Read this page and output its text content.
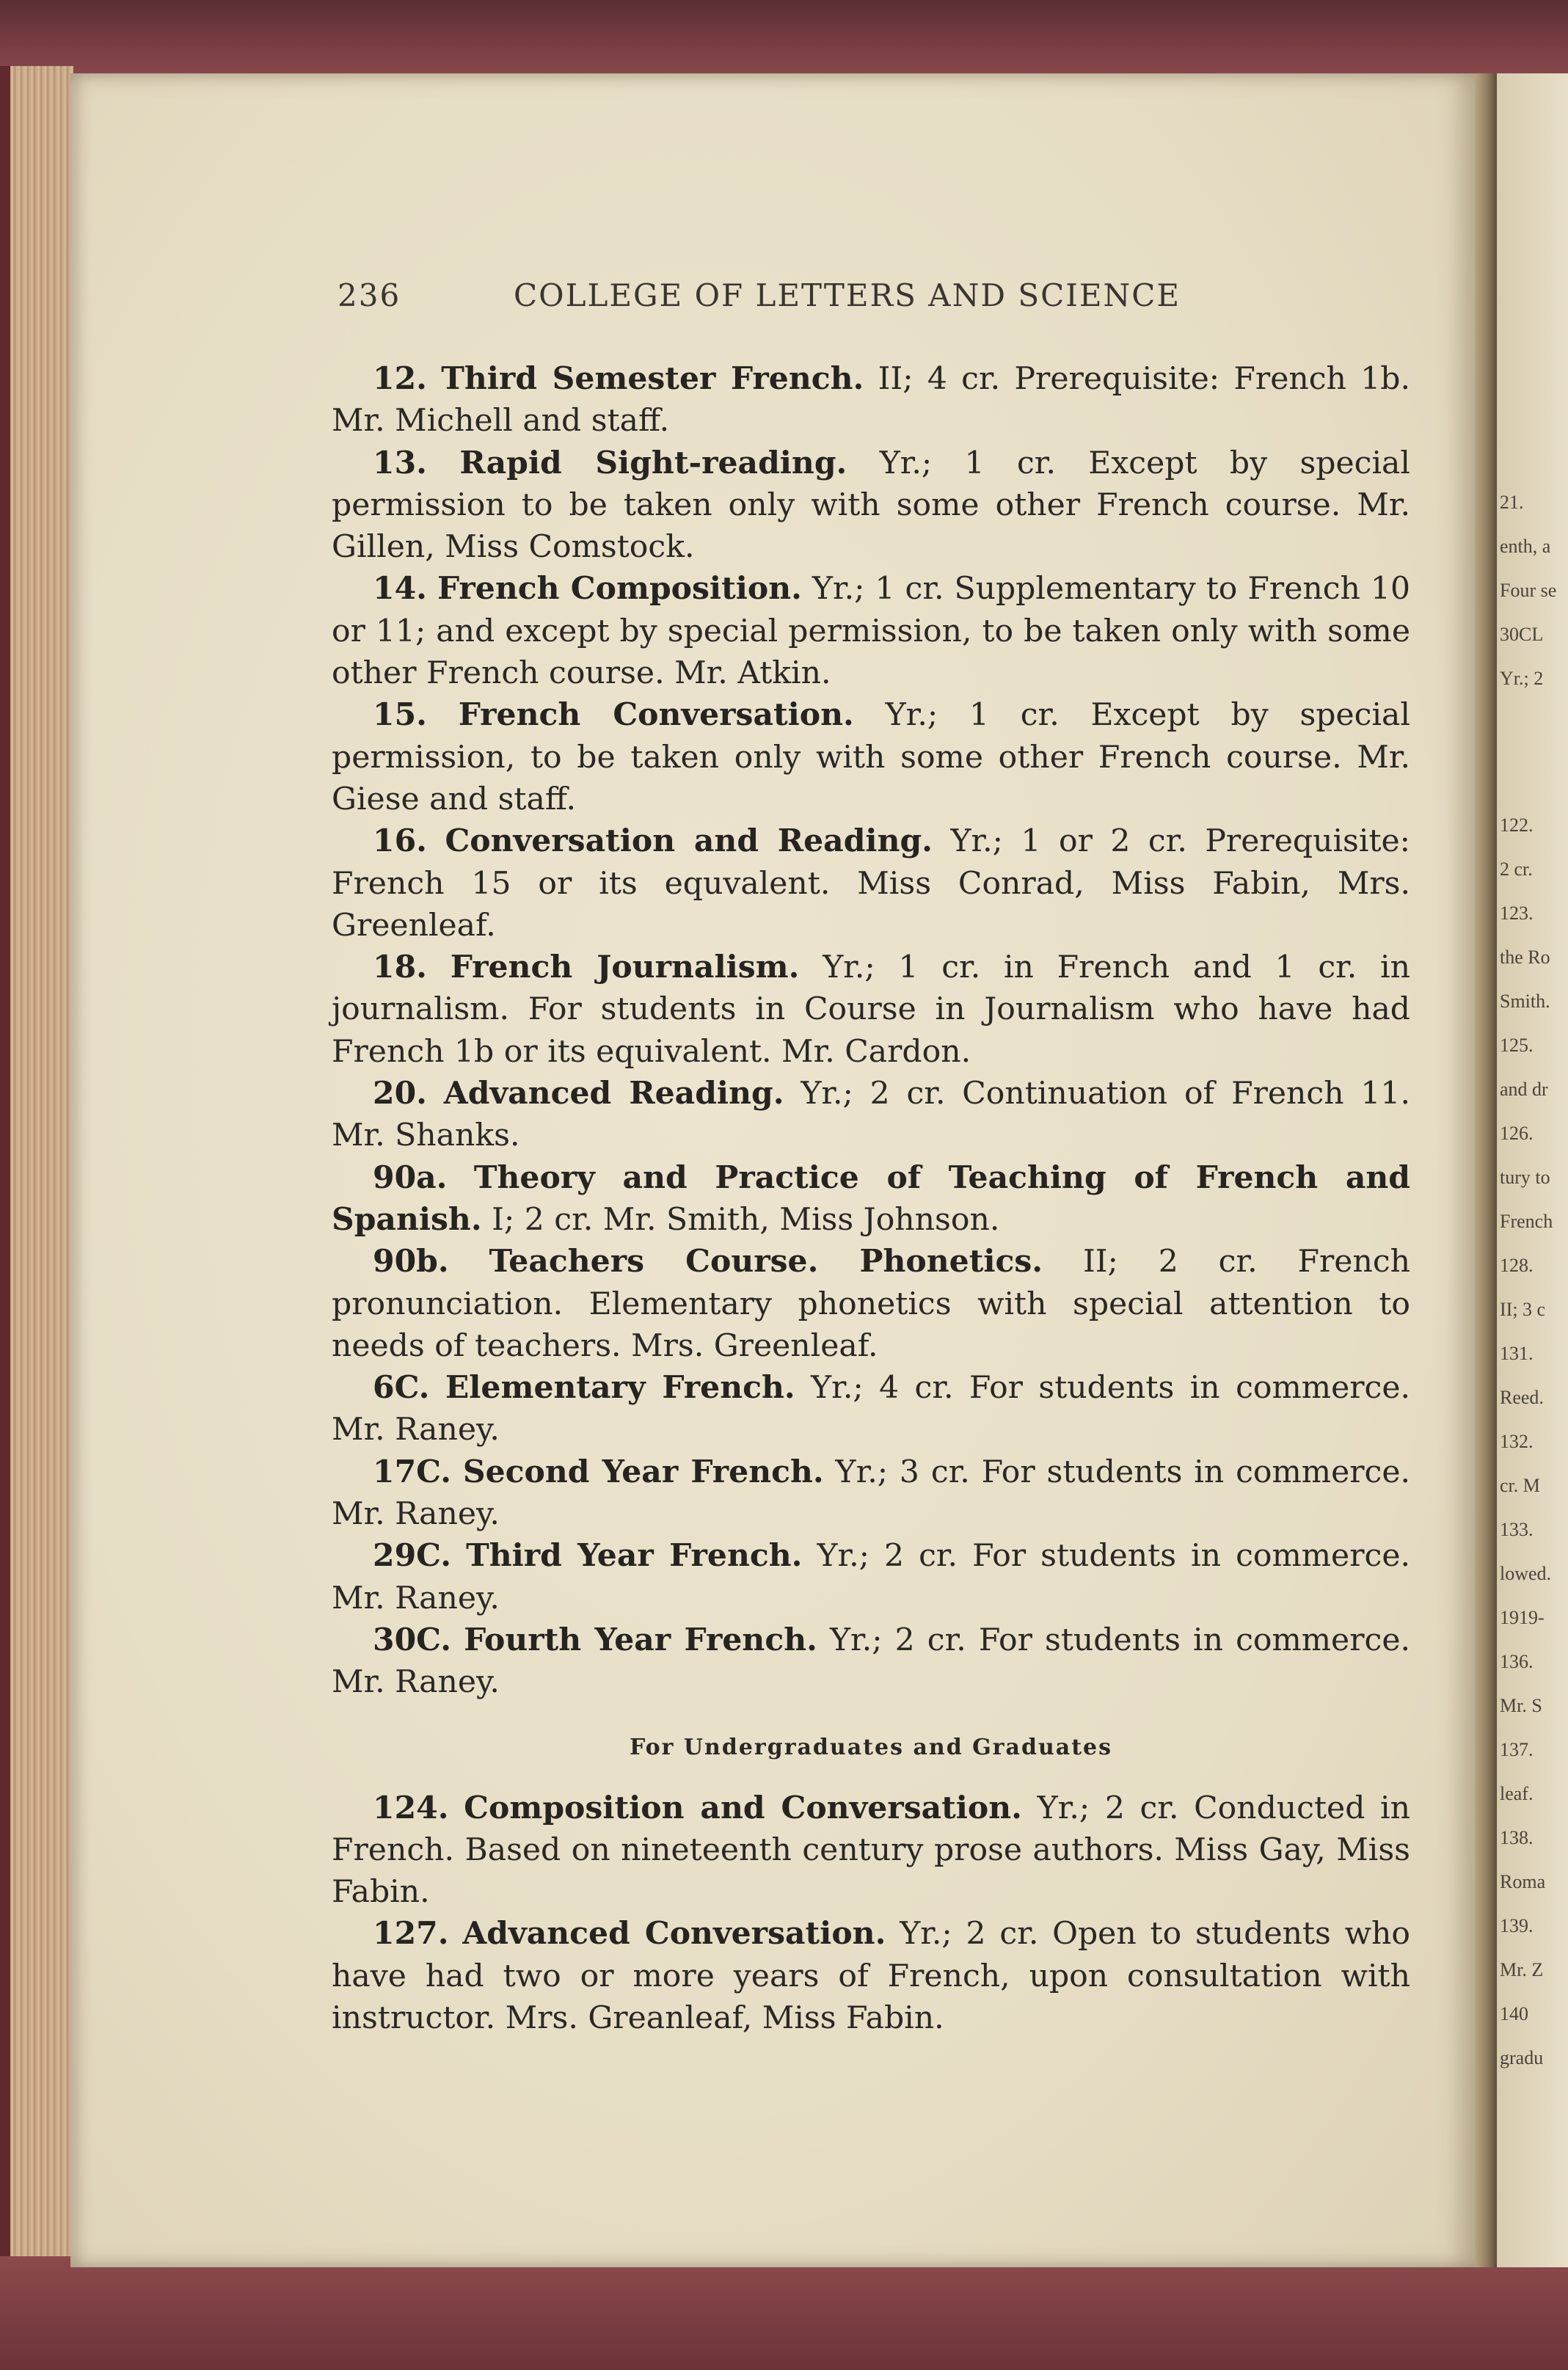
21.
enth, a
Four se
30CL
Yr.; 2
122.
2 cr.
123.
the Ro
Smith.
125.
and dr
126.
tury to
French
128.
II; 3 c
131.
Reed.
132.
cr. M
133.
lowed.
1919-
136.
Mr. S
137.
leaf.
138.
Roma
139.
Mr. Z
140
gradu
236	COLLEGE OF LETTERS AND SCIENCE

12. Third Semester French. II; 4 cr. Prerequisite: French 1b. Mr. Michell and staff.

13. Rapid Sight-reading. Yr.; 1 cr. Except by special permission to be taken only with some other French course. Mr. Gillen, Miss Comstock.

14. French Composition. Yr.; 1 cr. Supplementary to French 10 or 11; and except by special permission, to be taken only with some other French course. Mr. Atkin.

15. French Conversation. Yr.; 1 cr. Except by special permission, to be taken only with some other French course. Mr. Giese and staff.

16. Conversation and Reading. Yr.; 1 or 2 cr. Prerequisite: French 15 or its equvalent. Miss Conrad, Miss Fabin, Mrs. Greenleaf.

18. French Journalism. Yr.; 1 cr. in French and 1 cr. in journalism. For students in Course in Journalism who have had French 1b or its equivalent. Mr. Cardon.

20. Advanced Reading. Yr.; 2 cr. Continuation of French 11. Mr. Shanks.

90a. Theory and Practice of Teaching of French and Spanish. I; 2 cr. Mr. Smith, Miss Johnson.

90b. Teachers Course. Phonetics. II; 2 cr. French pronunciation. Elementary phonetics with special attention to needs of teachers. Mrs. Greenleaf.

6C. Elementary French. Yr.; 4 cr. For students in commerce. Mr. Raney.

17C. Second Year French. Yr.; 3 cr. For students in commerce. Mr. Raney.

29C. Third Year French. Yr.; 2 cr. For students in commerce. Mr. Raney.

30C. Fourth Year French. Yr.; 2 cr. For students in commerce. Mr. Raney.

For Undergraduates and Graduates

124. Composition and Conversation. Yr.; 2 cr. Conducted in French. Based on nineteenth century prose authors. Miss Gay, Miss Fabin.

127. Advanced Conversation. Yr.; 2 cr. Open to students who have had two or more years of French, upon consultation with instructor. Mrs. Greanleaf, Miss Fabin.
